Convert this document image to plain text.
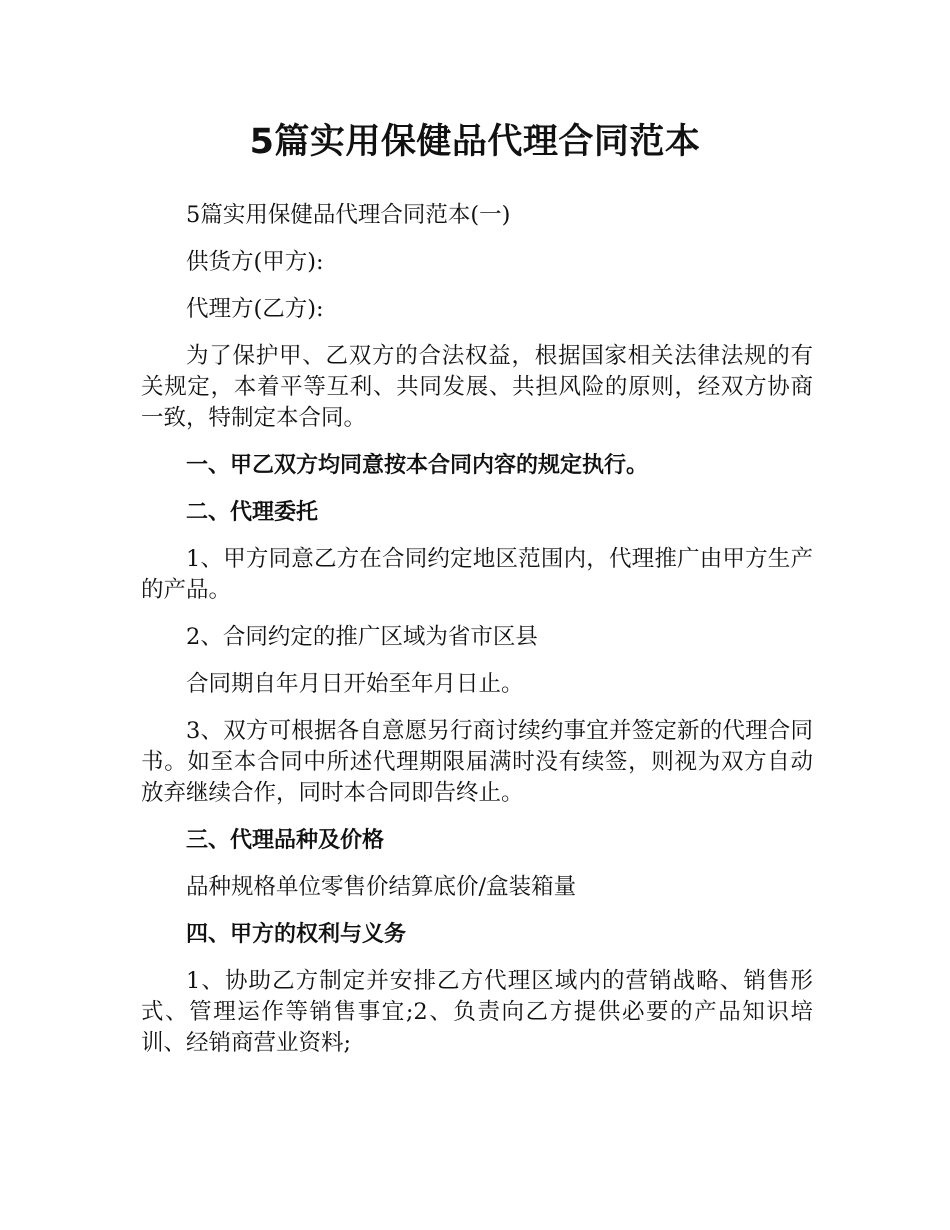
5篇实用保健品代理合同范本

5篇实用保健品代理合同范本(一)

供货方(甲方):

代理方(乙方):

为了保护甲、乙双方的合法权益，根据国家相关法律法规的有关规定，本着平等互利、共同发展、共担风险的原则，经双方协商一致，特制定本合同。

一、甲乙双方均同意按本合同内容的规定执行。

二、代理委托

1、甲方同意乙方在合同约定地区范围内，代理推广由甲方生产的产品。

2、合同约定的推广区域为省市区县

合同期自年月日开始至年月日止。

3、双方可根据各自意愿另行商讨续约事宜并签定新的代理合同书。如至本合同中所述代理期限届满时没有续签，则视为双方自动放弃继续合作，同时本合同即告终止。

三、代理品种及价格

品种规格单位零售价结算底价/盒装箱量

四、甲方的权利与义务

1、协助乙方制定并安排乙方代理区域内的营销战略、销售形式、管理运作等销售事宜;2、负责向乙方提供必要的产品知识培训、经销商营业资料;
